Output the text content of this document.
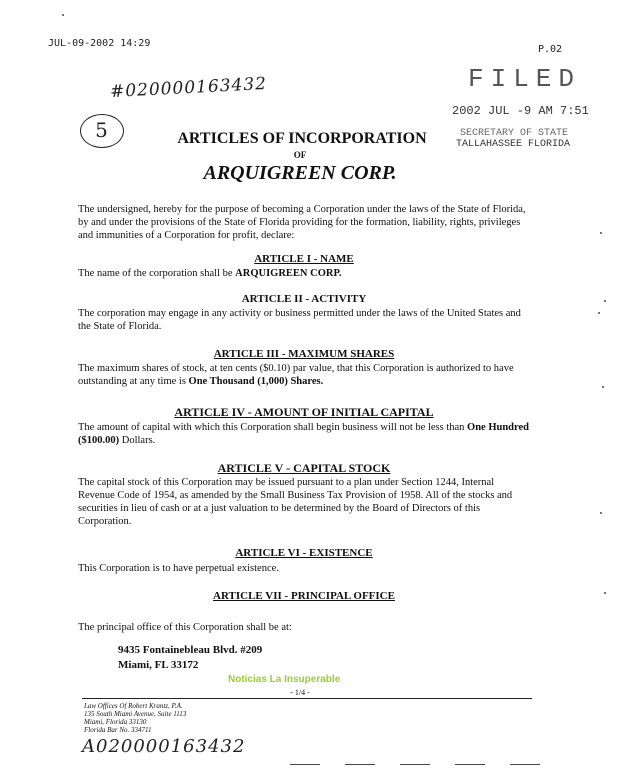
JUL-09-2002 14:29
P.02
#020000163432
5
FILED
2002 JUL -9 AM 7:51
SECRETARY OF STATE
TALLAHASSEE FLORIDA
ARTICLES OF INCORPORATION
OF
ARQUIGREEN CORP.
The undersigned, hereby for the purpose of becoming a Corporation under the laws of the State of Florida, by and under the provisions of the State of Florida providing for the formation, liability, rights, privileges and immunities of a Corporation for profit, declare:
ARTICLE I - NAME
The name of the corporation shall be ARQUIGREEN CORP.
ARTICLE II - ACTIVITY
The corporation may engage in any activity or business permitted under the laws of the United States and the State of Florida.
ARTICLE III - MAXIMUM SHARES
The maximum shares of stock, at ten cents ($0.10) par value, that this Corporation is authorized to have outstanding at any time is One Thousand (1,000) Shares.
ARTICLE IV - AMOUNT OF INITIAL CAPITAL
The amount of capital with which this Corporation shall begin business will not be less than One Hundred ($100.00) Dollars.
ARTICLE V - CAPITAL STOCK
The capital stock of this Corporation may be issued pursuant to a plan under Section 1244, Internal Revenue Code of 1954, as amended by the Small Business Tax Provision of 1958. All of the stocks and securities in lieu of cash or at a just valuation to be determined by the Board of Directors of this Corporation.
ARTICLE VI - EXISTENCE
This Corporation is to have perpetual existence.
ARTICLE VII - PRINCIPAL OFFICE
The principal office of this Corporation shall be at:
9435 Fontainebleau Blvd. #209
Miami, FL 33172
Noticias La Insuperable
- 1/4 -
Law Offices Of Robert Krantz, P.A.
135 South Miami Avenue, Suite 1113
Miami, Florida 33130
Florida Bar No. 334711
A020000163432
